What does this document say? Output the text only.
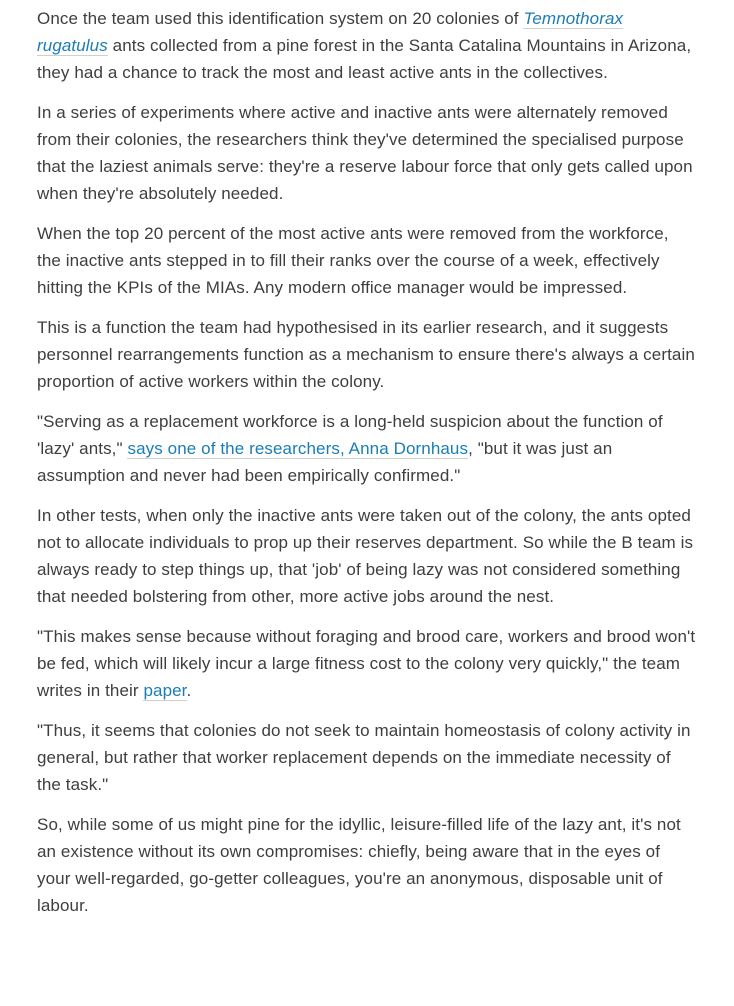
Once the team used this identification system on 20 colonies of Temnothorax rugatulus ants collected from a pine forest in the Santa Catalina Mountains in Arizona, they had a chance to track the most and least active ants in the collectives.

In a series of experiments where active and inactive ants were alternately removed from their colonies, the researchers think they've determined the specialised purpose that the laziest animals serve: they're a reserve labour force that only gets called upon when they're absolutely needed.

When the top 20 percent of the most active ants were removed from the workforce, the inactive ants stepped in to fill their ranks over the course of a week, effectively hitting the KPIs of the MIAs. Any modern office manager would be impressed.

This is a function the team had hypothesised in its earlier research, and it suggests personnel rearrangements function as a mechanism to ensure there's always a certain proportion of active workers within the colony.

"Serving as a replacement workforce is a long-held suspicion about the function of 'lazy' ants," says one of the researchers, Anna Dornhaus, "but it was just an assumption and never had been empirically confirmed."

In other tests, when only the inactive ants were taken out of the colony, the ants opted not to allocate individuals to prop up their reserves department. So while the B team is always ready to step things up, that 'job' of being lazy was not considered something that needed bolstering from other, more active jobs around the nest.

"This makes sense because without foraging and brood care, workers and brood won't be fed, which will likely incur a large fitness cost to the colony very quickly," the team writes in their paper.

"Thus, it seems that colonies do not seek to maintain homeostasis of colony activity in general, but rather that worker replacement depends on the immediate necessity of the task."

So, while some of us might pine for the idyllic, leisure-filled life of the lazy ant, it's not an existence without its own compromises: chiefly, being aware that in the eyes of your well-regarded, go-getter colleagues, you're an anonymous, disposable unit of labour.
